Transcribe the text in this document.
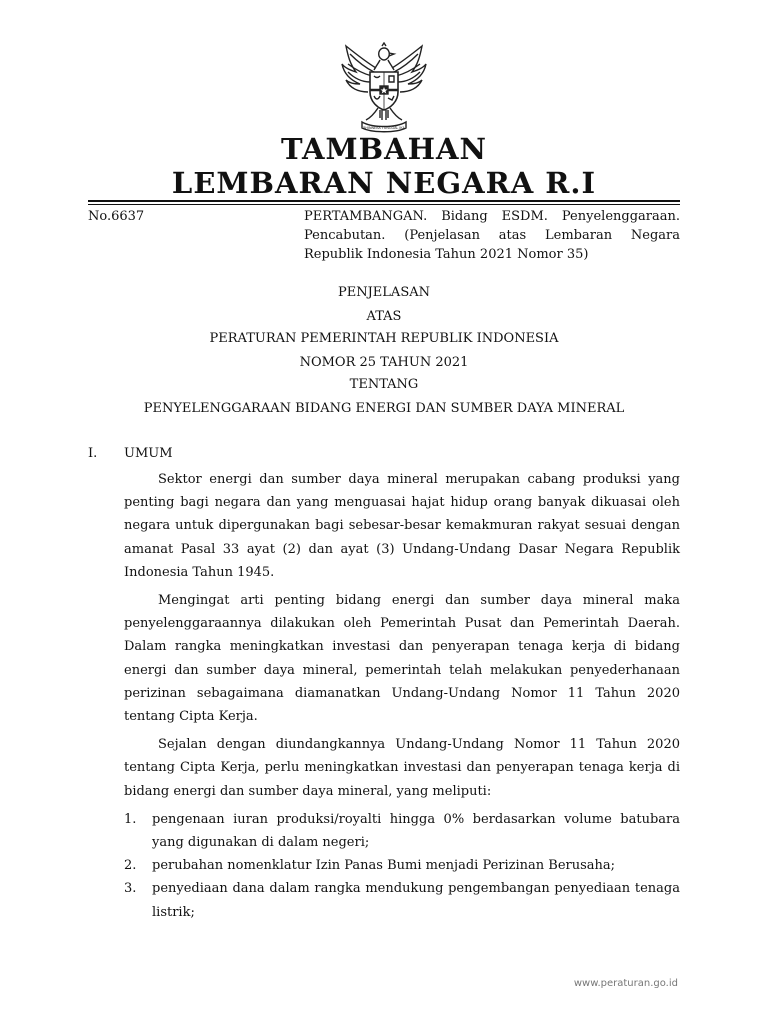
BHINNEKA TUNGGAL IKA
TAMBAHAN
LEMBARAN NEGARA R.I
No.6637	PERTAMBANGAN. Bidang ESDM. Penyelenggaraan. Pencabutan. (Penjelasan atas Lembaran Negara Republik Indonesia Tahun 2021 Nomor 35)
PENJELASAN
ATAS
PERATURAN PEMERINTAH REPUBLIK INDONESIA
NOMOR 25 TAHUN 2021
TENTANG
PENYELENGGARAAN BIDANG ENERGI DAN SUMBER DAYA MINERAL
I. UMUM

Sektor energi dan sumber daya mineral merupakan cabang produksi yang penting bagi negara dan yang menguasai hajat hidup orang banyak dikuasai oleh negara untuk dipergunakan bagi sebesar-besar kemakmuran rakyat sesuai dengan amanat Pasal 33 ayat (2) dan ayat (3) Undang-Undang Dasar Negara Republik Indonesia Tahun 1945.

Mengingat arti penting bidang energi dan sumber daya mineral maka penyelenggaraannya dilakukan oleh Pemerintah Pusat dan Pemerintah Daerah. Dalam rangka meningkatkan investasi dan penyerapan tenaga kerja di bidang energi dan sumber daya mineral, pemerintah telah melakukan penyederhanaan perizinan sebagaimana diamanatkan Undang-Undang Nomor 11 Tahun 2020 tentang Cipta Kerja.

Sejalan dengan diundangkannya Undang-Undang Nomor 11 Tahun 2020 tentang Cipta Kerja, perlu meningkatkan investasi dan penyerapan tenaga kerja di bidang energi dan sumber daya mineral, yang meliputi:

1. pengenaan iuran produksi/royalti hingga 0% berdasarkan volume batubara yang digunakan di dalam negeri;
2. perubahan nomenklatur Izin Panas Bumi menjadi Perizinan Berusaha;
3. penyediaan dana dalam rangka mendukung pengembangan penyediaan tenaga listrik;
www.peraturan.go.id
